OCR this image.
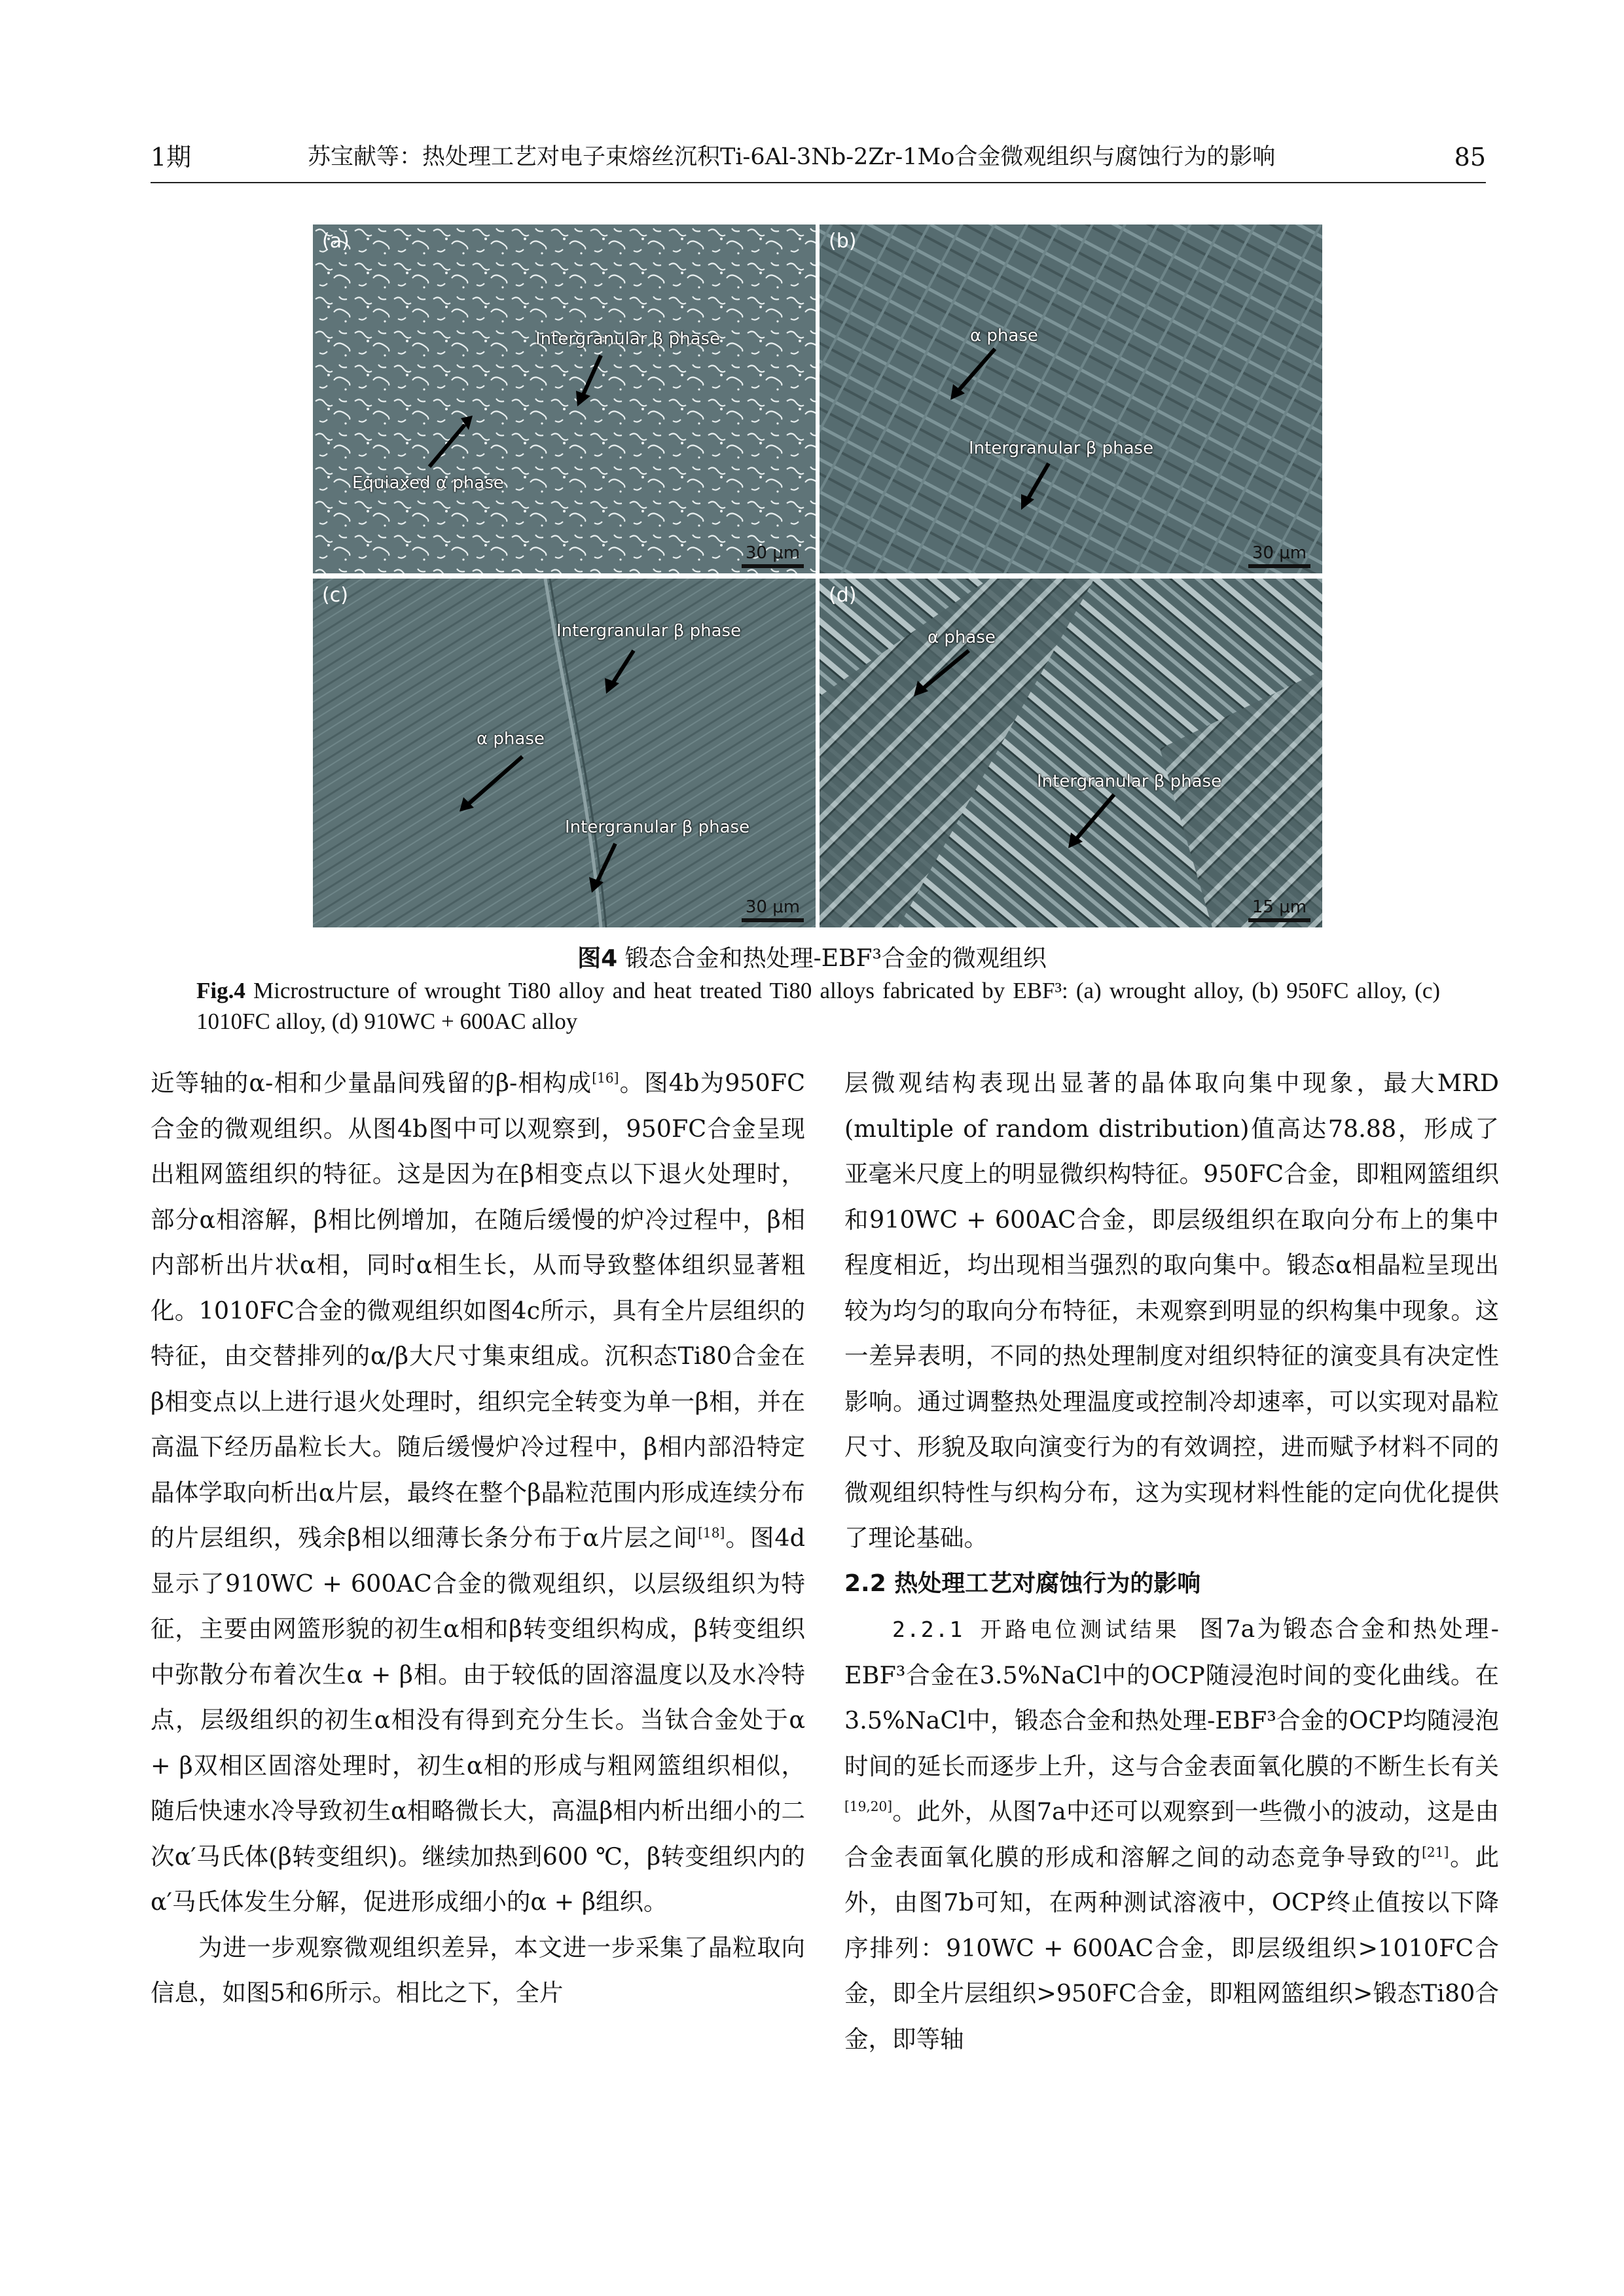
1期	苏宝献等：热处理工艺对电子束熔丝沉积Ti-6Al-3Nb-2Zr-1Mo合金微观组织与腐蚀行为的影响	85
(a)
Intergranular β phase
Equiaxed α phase
30 μm
(b)
α phase
Intergranular β phase
30 μm
(c)
Intergranular β phase
α phase
Intergranular β phase
30 μm
(d)
α phase
Intergranular β phase
15 μm
图4 锻态合金和热处理-EBF³合金的微观组织
Fig.4 Microstructure of wrought Ti80 alloy and heat treated Ti80 alloys fabricated by EBF³: (a) wrought alloy, (b) 950FC alloy, (c) 1010FC alloy, (d) 910WC + 600AC alloy

近等轴的α-相和少量晶间残留的β-相构成[16]。图4b为950FC合金的微观组织。从图4b图中可以观察到，950FC合金呈现出粗网篮组织的特征。这是因为在β相变点以下退火处理时，部分α相溶解，β相比例增加，在随后缓慢的炉冷过程中，β相内部析出片状α相，同时α相生长，从而导致整体组织显著粗化。1010FC合金的微观组织如图4c所示，具有全片层组织的特征，由交替排列的α/β大尺寸集束组成。沉积态Ti80合金在β相变点以上进行退火处理时，组织完全转变为单一β相，并在高温下经历晶粒长大。随后缓慢炉冷过程中，β相内部沿特定晶体学取向析出α片层，最终在整个β晶粒范围内形成连续分布的片层组织，残余β相以细薄长条分布于α片层之间[18]。图4d显示了910WC + 600AC合金的微观组织，以层级组织为特征，主要由网篮形貌的初生α相和β转变组织构成，β转变组织中弥散分布着次生α + β相。由于较低的固溶温度以及水冷特点，层级组织的初生α相没有得到充分生长。当钛合金处于α + β双相区固溶处理时，初生α相的形成与粗网篮组织相似，随后快速水冷导致初生α相略微长大，高温β相内析出细小的二次α′马氏体(β转变组织)。继续加热到600 ℃，β转变组织内的α′马氏体发生分解，促进形成细小的α + β组织。

为进一步观察微观组织差异，本文进一步采集了晶粒取向信息，如图5和6所示。相比之下，全片

层微观结构表现出显著的晶体取向集中现象，最大MRD (multiple of random distribution)值高达78.88，形成了亚毫米尺度上的明显微织构特征。950FC合金，即粗网篮组织和910WC + 600AC合金，即层级组织在取向分布上的集中程度相近，均出现相当强烈的取向集中。锻态α相晶粒呈现出较为均匀的取向分布特征，未观察到明显的织构集中现象。这一差异表明，不同的热处理制度对组织特征的演变具有决定性影响。通过调整热处理温度或控制冷却速率，可以实现对晶粒尺寸、形貌及取向演变行为的有效调控，进而赋予材料不同的微观组织特性与织构分布，这为实现材料性能的定向优化提供了理论基础。

2.2 热处理工艺对腐蚀行为的影响

2.2.1 开路电位测试结果 图7a为锻态合金和热处理-EBF³合金在3.5%NaCl中的OCP随浸泡时间的变化曲线。在3.5%NaCl中，锻态合金和热处理-EBF³合金的OCP均随浸泡时间的延长而逐步上升，这与合金表面氧化膜的不断生长有关[19,20]。此外，从图7a中还可以观察到一些微小的波动，这是由合金表面氧化膜的形成和溶解之间的动态竞争导致的[21]。此外，由图7b可知，在两种测试溶液中，OCP终止值按以下降序排列：910WC + 600AC合金，即层级组织>1010FC合金，即全片层组织>950FC合金，即粗网篮组织>锻态Ti80合金，即等轴
